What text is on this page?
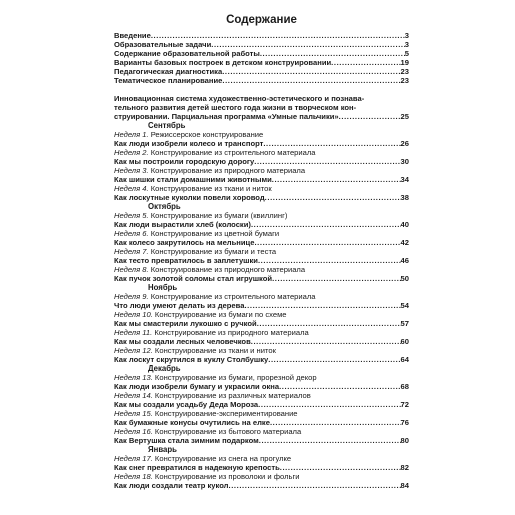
Содержание
Введение .....	3
Образовательные задачи .....	3
Содержание образовательной работы .....	5
Варианты базовых построек в детском конструировании .....	19
Педагогическая диагностика .....	23
Тематическое планирование .....	23
Инновационная система художественно-эстетического и познава-
тельного развития детей шестого года жизни в творческом кон-
струировании. Парциальная программа «Умные пальчики» .....	25
Сентябрь
Неделя 1. Режиссерское конструирование
Как люди изобрели колесо и транспорт .....	26
Неделя 2. Конструирование из строительного материала
Как мы построили городскую дорогу .....	30
Неделя 3. Конструирование из природного материала
Как шишки стали домашними животными .....	34
Неделя 4. Конструирование из ткани и ниток
Как лоскутные куколки повели хоровод .....	38
Октябрь
Неделя 5. Конструирование из бумаги (квиллинг)
Как люди вырастили хлеб (колоски) .....	40
Неделя 6. Конструирование из цветной бумаги
Как колесо закрутилось на мельнице .....	42
Неделя 7. Конструирование из бумаги и теста
Как тесто превратилось в заплетушки .....	46
Неделя 8. Конструирование из природного материала
Как пучок золотой соломы стал игрушкой .....	50
Ноябрь
Неделя 9. Конструирование из строительного материала
Что люди умеют делать из дерева .....	54
Неделя 10. Конструирование из бумаги по схеме
Как мы смастерили лукошко с ручкой .....	57
Неделя 11. Конструирование из природного материала
Как мы создали лесных человечков .....	60
Неделя 12. Конструирование из ткани и ниток
Как лоскут скрутился в куклу Столбушку .....	64
Декабрь
Неделя 13. Конструирование из бумаги, прорезной декор
Как люди изобрели бумагу и украсили окна .....	68
Неделя 14. Конструирование из различных материалов
Как мы создали усадьбу Деда Мороза .....	72
Неделя 15. Конструирование-экспериментирование
Как бумажные конусы очутились на елке .....	76
Неделя 16. Конструирование из бытового материала
Как Вертушка стала зимним подарком .....	80
Январь
Неделя 17. Конструирование из снега на прогулке
Как снег превратился в надежную крепость .....	82
Неделя 18. Конструирование из проволоки и фольги
Как люди создали театр кукол .....	84
